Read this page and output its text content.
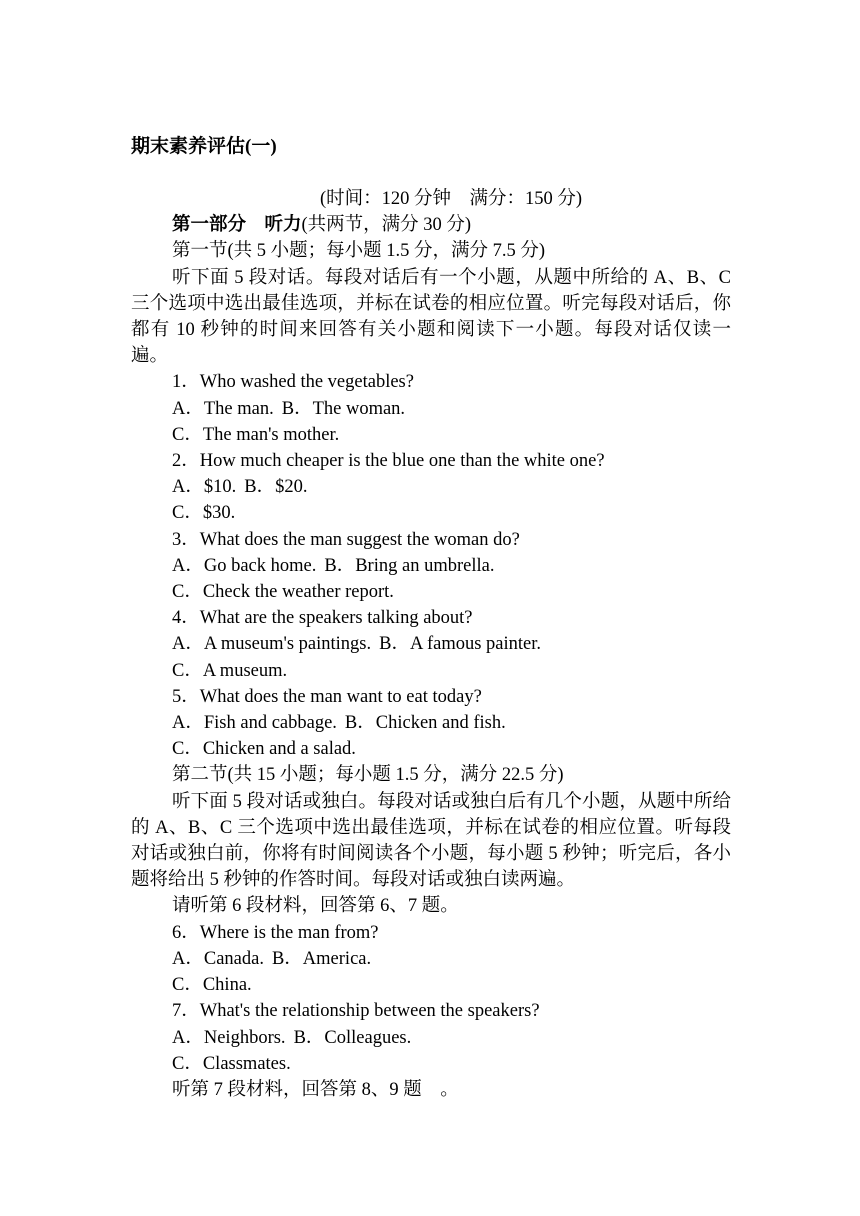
期末素养评估(一)
(时间：120 分钟　满分：150 分)
第一部分　听力(共两节，满分 30 分)
第一节(共 5 小题；每小题 1.5 分，满分 7.5 分)
听下面 5 段对话。每段对话后有一个小题，从题中所给的 A、B、C 三个选项中选出最佳选项，并标在试卷的相应位置。听完每段对话后，你都有 10 秒钟的时间来回答有关小题和阅读下一小题。每段对话仅读一遍。
1．Who washed the vegetables?
A．The man. B．The woman.
C．The man's mother.
2．How much cheaper is the blue one than the white one?
A．$10. B．$20.
C．$30.
3．What does the man suggest the woman do?
A．Go back home. B．Bring an umbrella.
C．Check the weather report.
4．What are the speakers talking about?
A．A museum's paintings. B．A famous painter.
C．A museum.
5．What does the man want to eat today?
A．Fish and cabbage. B．Chicken and fish.
C．Chicken and a salad.
第二节(共 15 小题；每小题 1.5 分，满分 22.5 分)
听下面 5 段对话或独白。每段对话或独白后有几个小题，从题中所给的 A、B、C 三个选项中选出最佳选项，并标在试卷的相应位置。听每段对话或独白前，你将有时间阅读各个小题，每小题 5 秒钟；听完后，各小题将给出 5 秒钟的作答时间。每段对话或独白读两遍。
请听第 6 段材料，回答第 6、7 题。
6．Where is the man from?
A．Canada. B．America.
C．China.
7．What's the relationship between the speakers?
A．Neighbors. B．Colleagues.
C．Classmates.
听第 7 段材料，回答第 8、9 题　。
